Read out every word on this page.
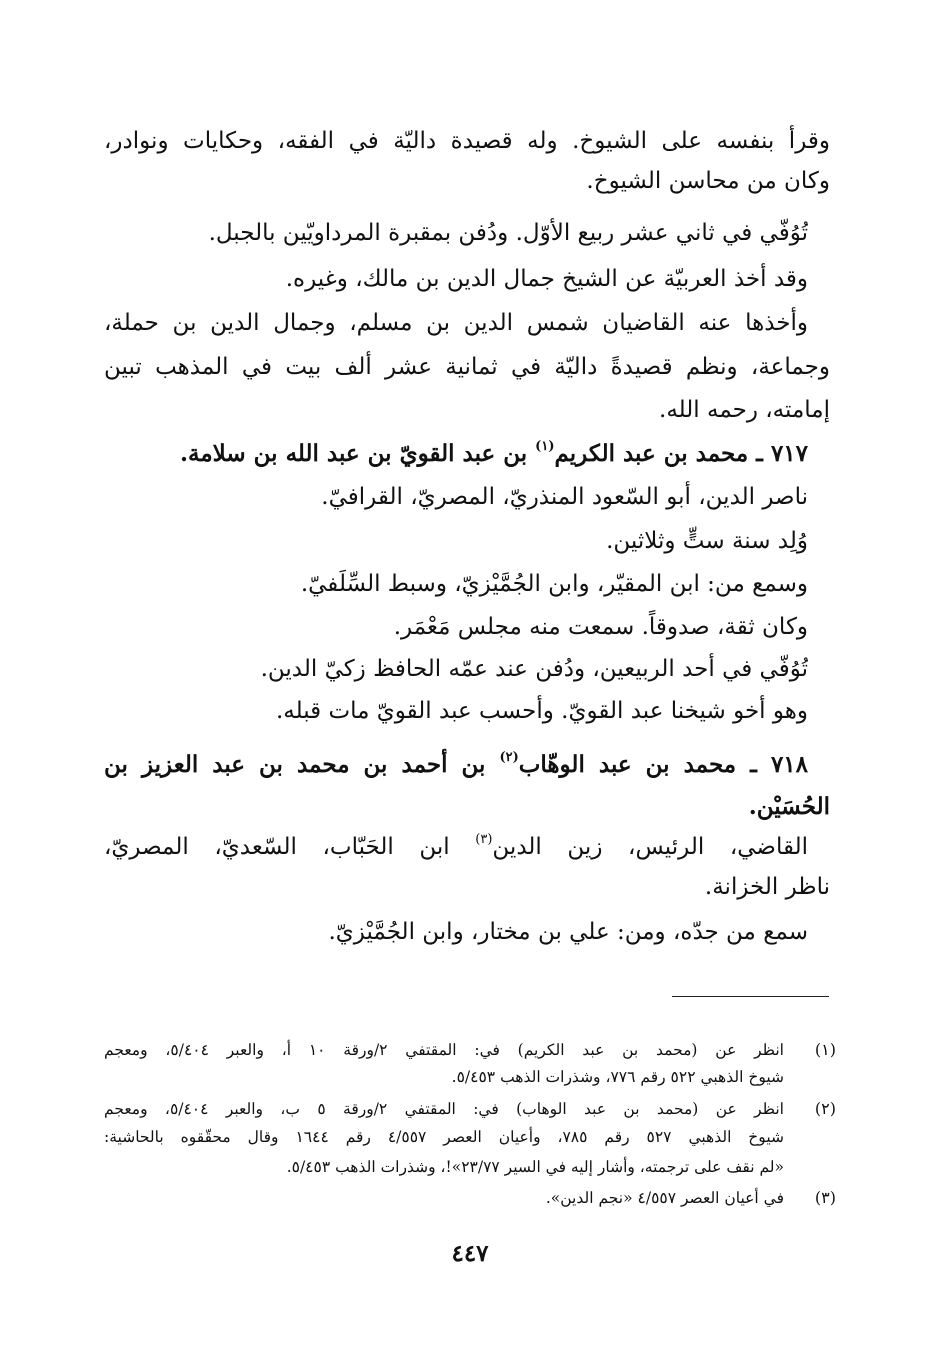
وقرأ بنفسه على الشيوخ. وله قصيدة داليّة في الفقه، وحكايات ونوادر،
وكان من محاسن الشيوخ.
تُوُفّي في ثاني عشر ربيع الأوّل. ودُفن بمقبرة المرداويّين بالجبل.
وقد أخذ العربيّة عن الشيخ جمال الدين بن مالك، وغيره.
وأخذها عنه القاضيان شمس الدين بن مسلم، وجمال الدين بن حملة،
وجماعة، ونظم قصيدةً داليّة في ثمانية عشر ألف بيت في المذهب تبين
إمامته، رحمه الله.
٧١٧ ـ محمد بن عبد الكريم$^{(١)}$ بن عبد القويّ بن عبد الله بن سلامة.
ناصر الدين، أبو السّعود المنذريّ، المصريّ، القرافيّ.
وُلِد سنة ستٍّ وثلاثين.
وسمع من: ابن المقيّر، وابن الجُمَّيْزيّ، وسبط السِّلَفيّ.
وكان ثقة، صدوقاً. سمعت منه مجلس مَعْمَر.
تُوُفّي في أحد الربيعين، ودُفن عند عمّه الحافظ زكيّ الدين.
وهو أخو شيخنا عبد القويّ. وأحسب عبد القويّ مات قبله.
٧١٨ ـ محمد بن عبد الوهّاب$^{(٢)}$ بن أحمد بن محمد بن عبد العزيز بن
الحُسَيْن.
القاضي، الرئيس، زين الدين$^{(٣)}$ ابن الحَبّاب، السّعديّ، المصريّ،
ناظر الخزانة.
سمع من جدّه، ومن: علي بن مختار، وابن الجُمَّيْزيّ.
(١)
انظر عن (محمد بن عبد الكريم) في: المقتفي ٢/ورقة ١٠ أ، والعبر ٥/٤٠٤، ومعجم
شيوخ الذهبي ٥٢٢ رقم ٧٧٦، وشذرات الذهب ٥/٤٥٣.
(٢)
انظر عن (محمد بن عبد الوهاب) في: المقتفي ٢/ورقة ٥ ب، والعبر ٥/٤٠٤، ومعجم
شيوخ الذهبي ٥٢٧ رقم ٧٨٥، وأعيان العصر ٤/٥٥٧ رقم ١٦٤٤ وقال محقّقوه بالحاشية:
«لم نقف على ترجمته، وأشار إليه في السير ٢٣/٧٧»!، وشذرات الذهب ٥/٤٥٣.
(٣)
في أعيان العصر ٤/٥٥٧ «نجم الدين».
٤٤٧
